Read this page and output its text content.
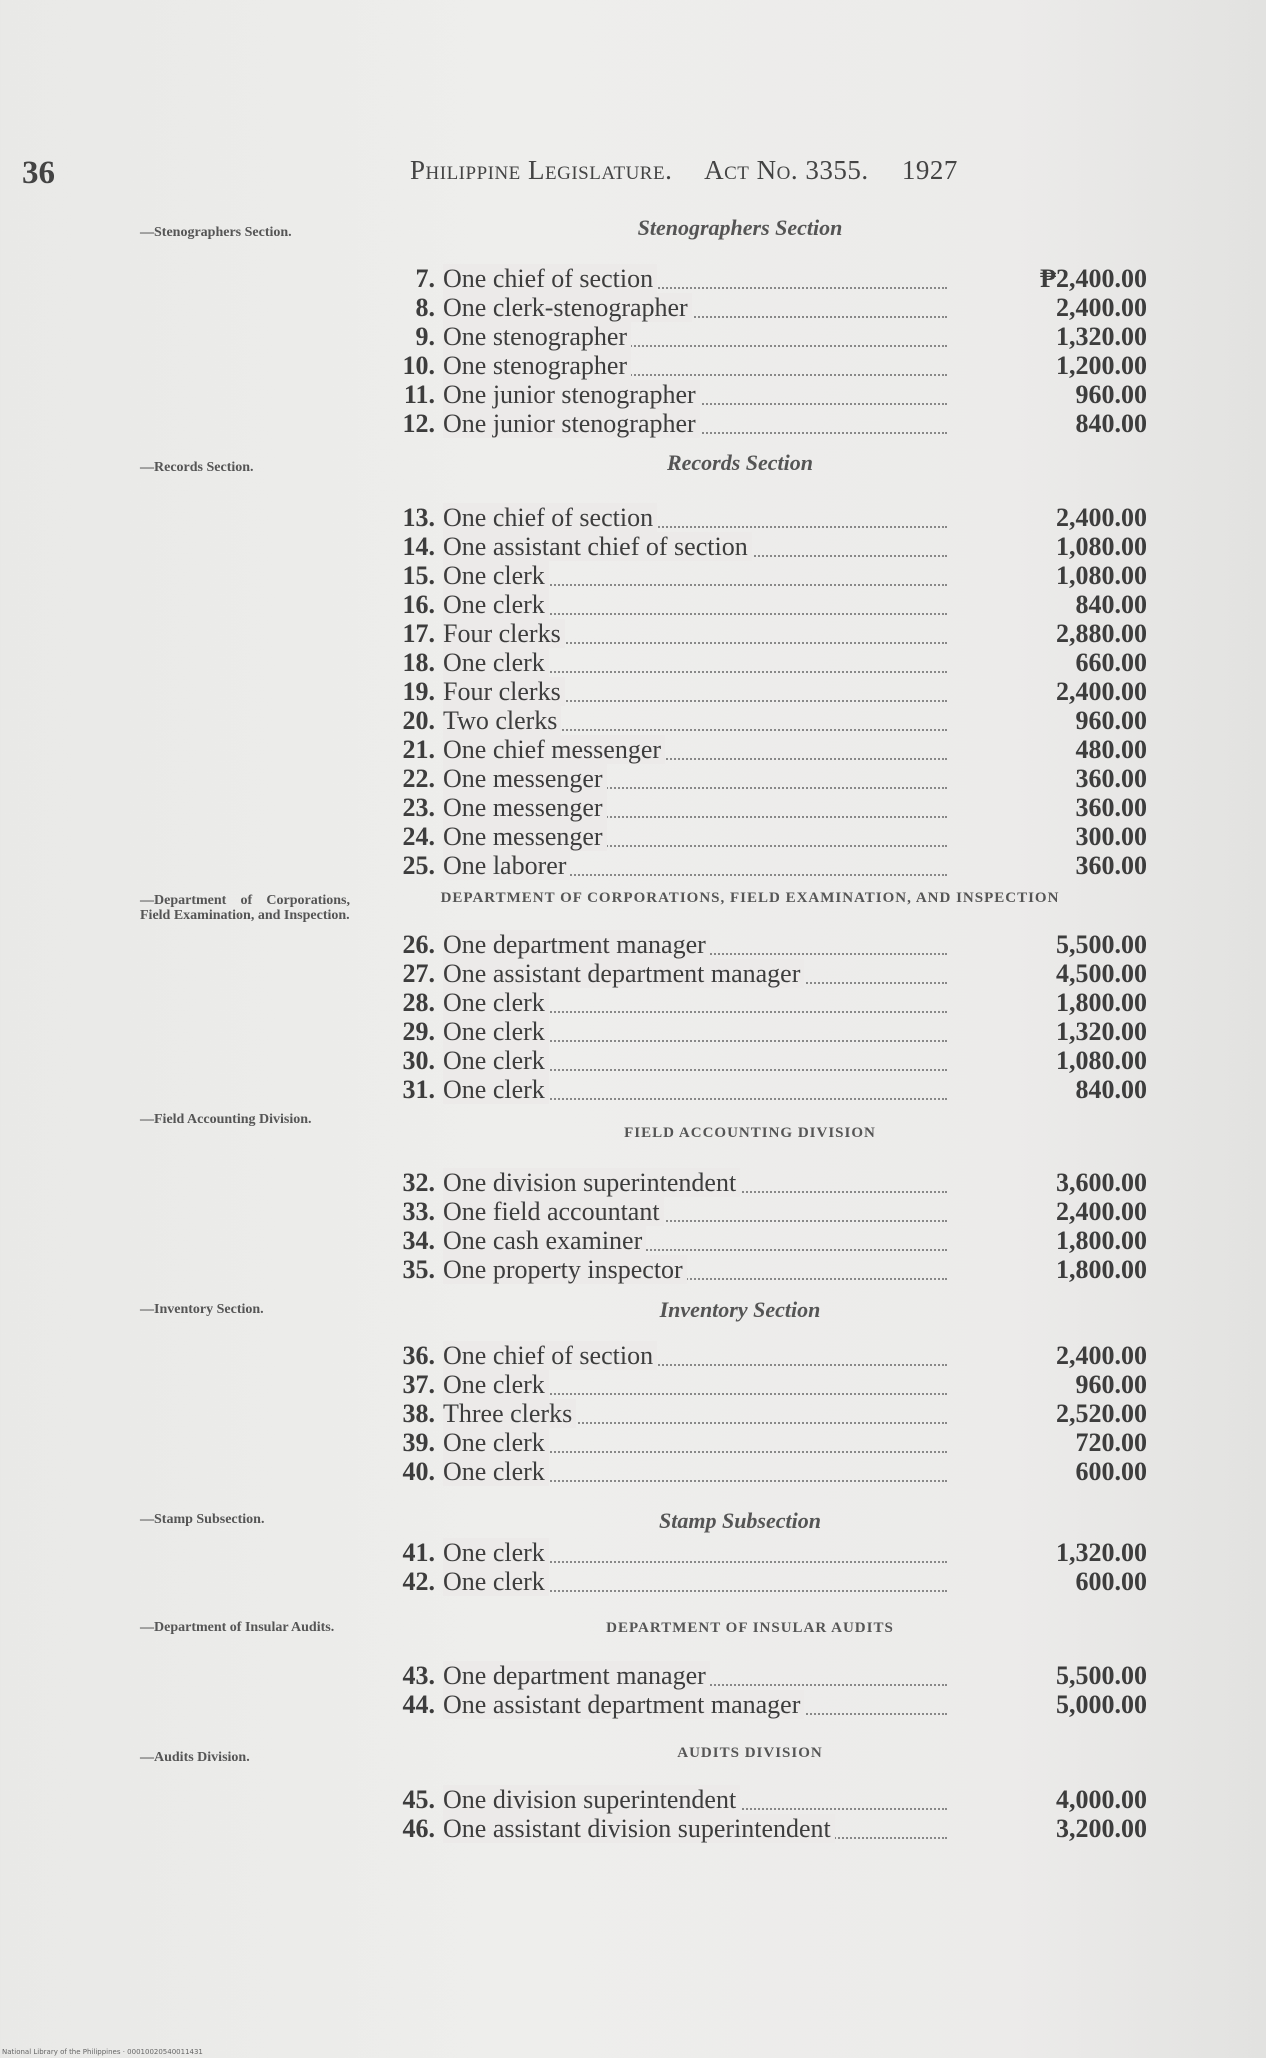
36	Philippine Legislature. Act No. 3355. 1927
—Stenographers Section.
—Records Section.
—Department of Corporations, Field Examination, and Inspection.
—Field Accounting Division.
—Inventory Section.
—Stamp Subsection.
—Department of Insular Audits.
—Audits Division.
Stenographers Section
7. One chief of section	₱2,400.00
8. One clerk-stenographer	2,400.00
9. One stenographer	1,320.00
10. One stenographer	1,200.00
11. One junior stenographer	960.00
12. One junior stenographer	840.00
Records Section
13. One chief of section	2,400.00
14. One assistant chief of section	1,080.00
15. One clerk	1,080.00
16. One clerk	840.00
17. Four clerks	2,880.00
18. One clerk	660.00
19. Four clerks	2,400.00
20. Two clerks	960.00
21. One chief messenger	480.00
22. One messenger	360.00
23. One messenger	360.00
24. One messenger	300.00
25. One laborer	360.00
DEPARTMENT OF CORPORATIONS, FIELD EXAMINATION, AND INSPECTION
26. One department manager	5,500.00
27. One assistant department manager	4,500.00
28. One clerk	1,800.00
29. One clerk	1,320.00
30. One clerk	1,080.00
31. One clerk	840.00
FIELD ACCOUNTING DIVISION
32. One division superintendent	3,600.00
33. One field accountant	2,400.00
34. One cash examiner	1,800.00
35. One property inspector	1,800.00
Inventory Section
36. One chief of section	2,400.00
37. One clerk	960.00
38. Three clerks	2,520.00
39. One clerk	720.00
40. One clerk	600.00
Stamp Subsection
41. One clerk	1,320.00
42. One clerk	600.00
DEPARTMENT OF INSULAR AUDITS
43. One department manager	5,500.00
44. One assistant department manager	5,000.00
AUDITS DIVISION
45. One division superintendent	4,000.00
46. One assistant division superintendent	3,200.00
National Library of the Philippines · 00010020540011431
